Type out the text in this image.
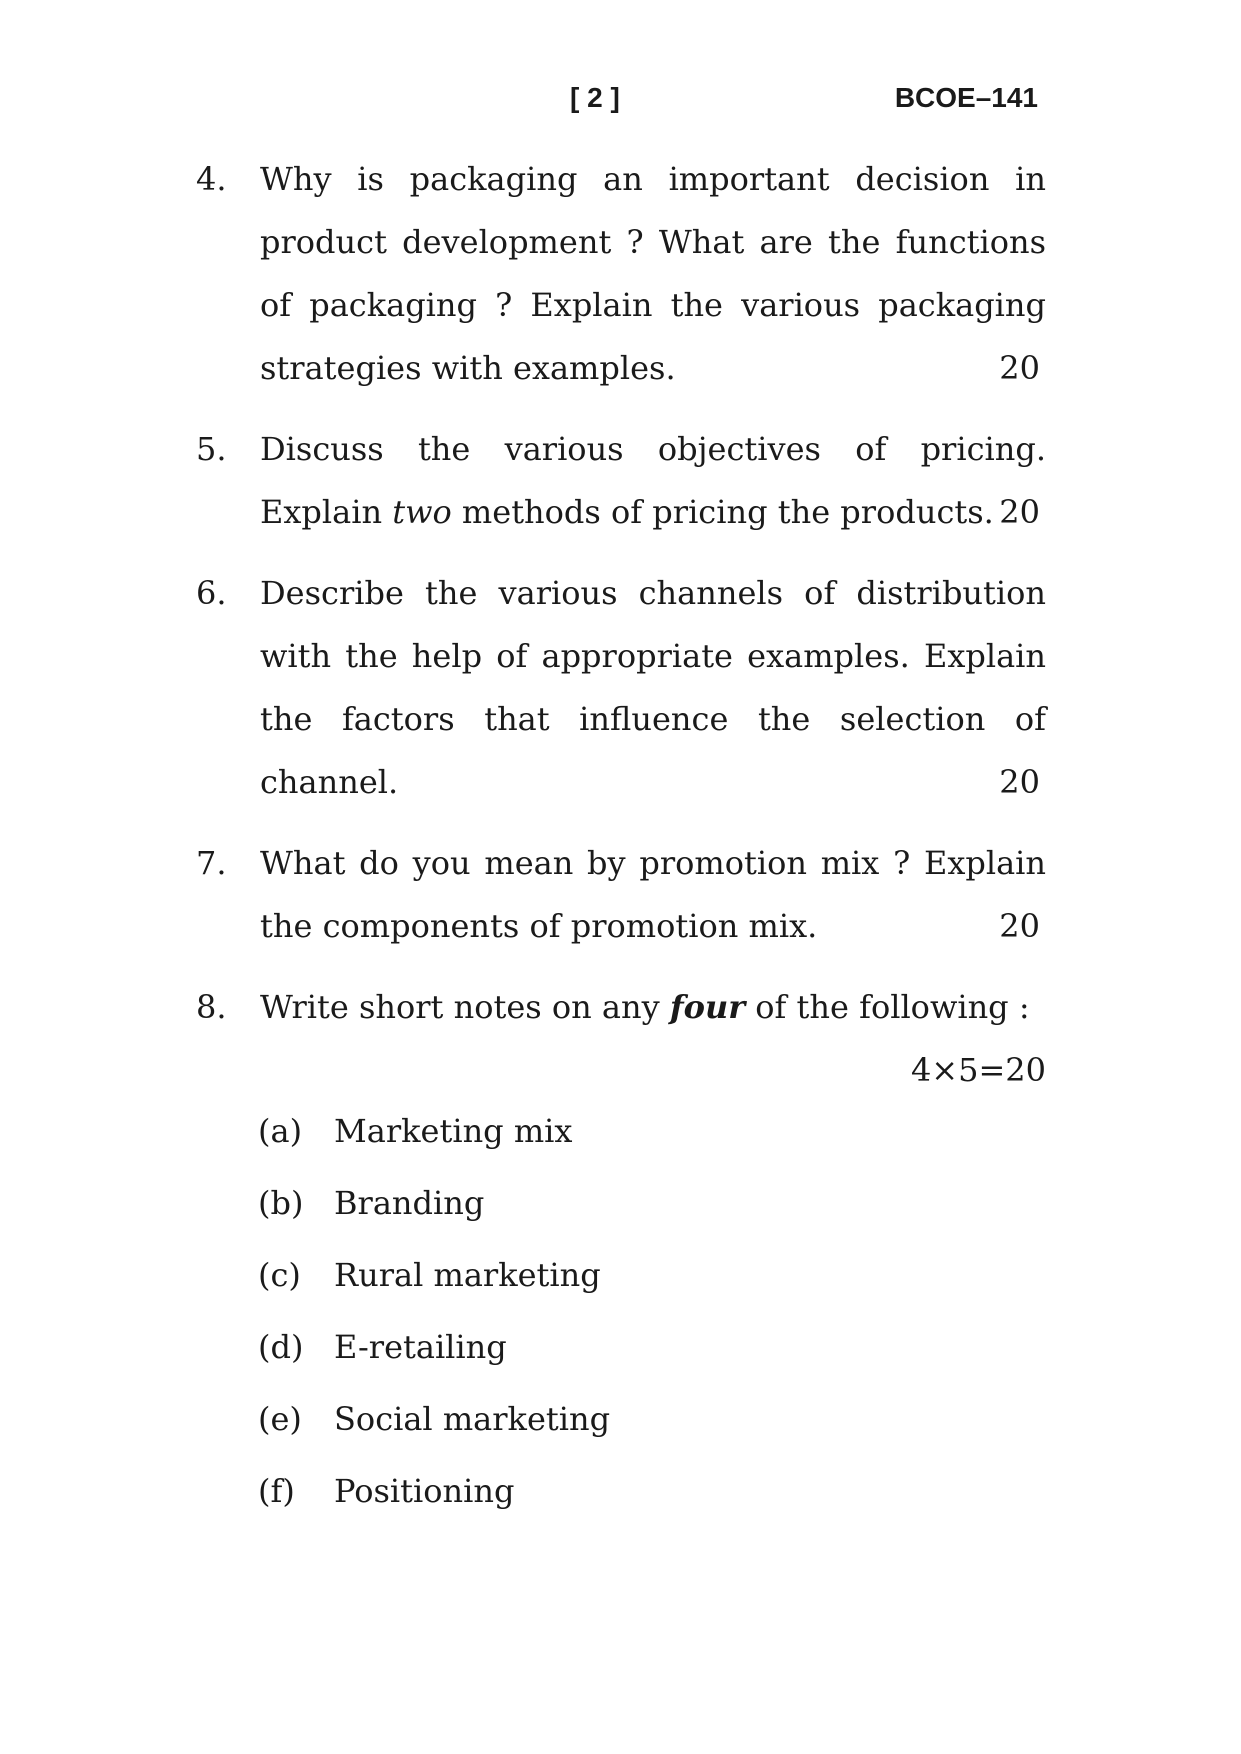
[ 2 ]	BCOE–141
4. Why is packaging an important decision in
product development ? What are the functions
of packaging ? Explain the various packaging
strategies with examples.	20
5. Discuss the various objectives of pricing.
Explain two methods of pricing the products. 20
6. Describe the various channels of distribution
with the help of appropriate examples. Explain
the factors that influence the selection of
channel.	20
7. What do you mean by promotion mix ? Explain
the components of promotion mix.	20
8. Write short notes on any four of the following :
4×5=20
(a) Marketing mix
(b) Branding
(c)	Rural marketing
(d) E-retailing
(e)	Social marketing
(f)	Positioning
